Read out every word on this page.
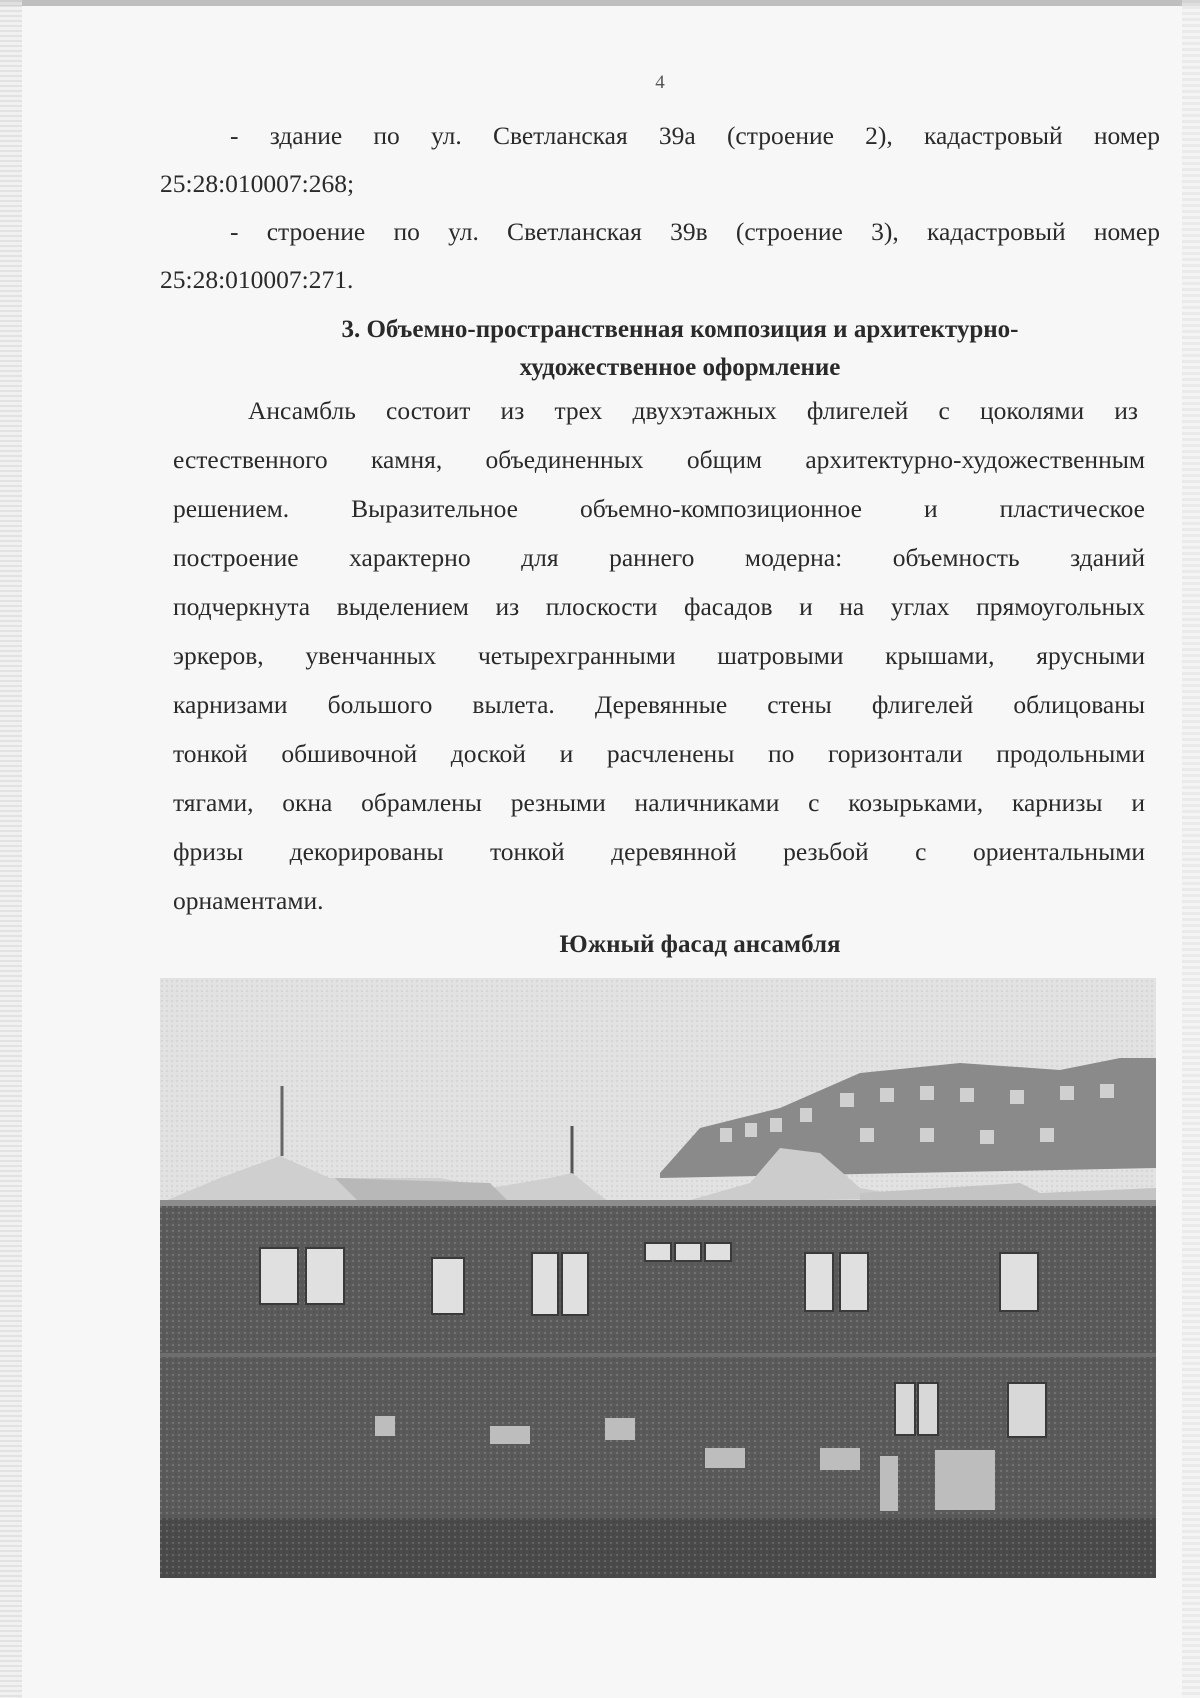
4
- здание по ул. Светланская 39а (строение 2), кадастровый номер
25:28:010007:268;
- строение по ул. Светланская 39в (строение 3), кадастровый номер
25:28:010007:271.
3. Объемно-пространственная композиция и архитектурно-
художественное оформление
Ансамбль состоит из трех двухэтажных флигелей с цоколями из
естественного камня, объединенных общим архитектурно-художественным
решением. Выразительное объемно-композиционное и пластическое
построение характерно для раннего модерна: объемность зданий
подчеркнута выделением из плоскости фасадов и на углах прямоугольных
эркеров, увенчанных четырехгранными шатровыми крышами, ярусными
карнизами большого вылета. Деревянные стены флигелей облицованы
тонкой обшивочной доской и расчленены по горизонтали продольными
тягами, окна обрамлены резными наличниками с козырьками, карнизы и
фризы декорированы тонкой деревянной резьбой с ориентальными
орнаментами.
Южный фасад ансамбля
